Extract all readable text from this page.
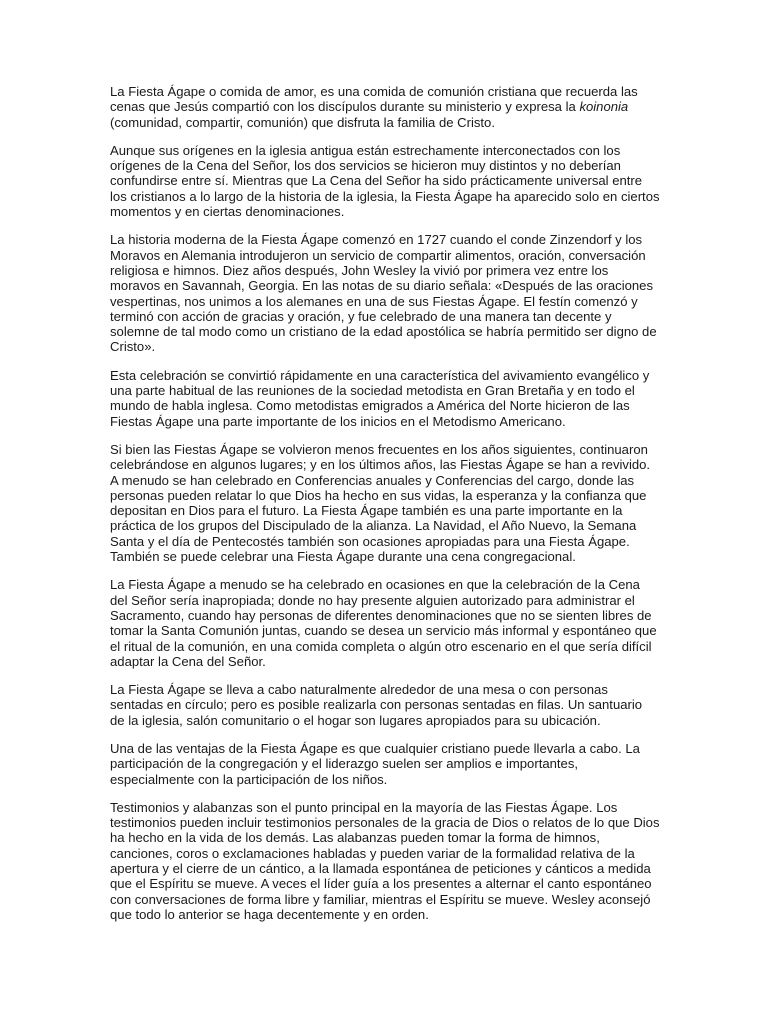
La Fiesta Ágape o comida de amor, es una comida de comunión cristiana que recuerda las cenas que Jesús compartió con los discípulos durante su ministerio y expresa la koinonia (comunidad, compartir, comunión) que disfruta la familia de Cristo.

Aunque sus orígenes en la iglesia antigua están estrechamente interconectados con los orígenes de la Cena del Señor, los dos servicios se hicieron muy distintos y no deberían confundirse entre sí. Mientras que La Cena del Señor ha sido prácticamente universal entre los cristianos a lo largo de la historia de la iglesia, la Fiesta Ágape ha aparecido solo en ciertos momentos y en ciertas denominaciones.

La historia moderna de la Fiesta Ágape comenzó en 1727 cuando el conde Zinzendorf y los Moravos en Alemania introdujeron un servicio de compartir alimentos, oración, conversación religiosa e himnos. Diez años después, John Wesley la vivió por primera vez entre los moravos en Savannah, Georgia. En las notas de su diario señala: «Después de las oraciones vespertinas, nos unimos a los alemanes en una de sus Fiestas Ágape. El festín comenzó y terminó con acción de gracias y oración, y fue celebrado de una manera tan decente y solemne de tal modo como un cristiano de la edad apostólica se habría permitido ser digno de Cristo».

Esta celebración se convirtió rápidamente en una característica del avivamiento evangélico y una parte habitual de las reuniones de la sociedad metodista en Gran Bretaña y en todo el mundo de habla inglesa. Como metodistas emigrados a América del Norte hicieron de las Fiestas Ágape una parte importante de los inicios en el Metodismo Americano.

Si bien las Fiestas Ágape se volvieron menos frecuentes en los años siguientes, continuaron celebrándose en algunos lugares; y en los últimos años, las Fiestas Ágape se han a revivido. A menudo se han celebrado en Conferencias anuales y Conferencias del cargo, donde las personas pueden relatar lo que Dios ha hecho en sus vidas, la esperanza y la confianza que depositan en Dios para el futuro. La Fiesta Ágape también es una parte importante en la práctica de los grupos del Discipulado de la alianza. La Navidad, el Año Nuevo, la Semana Santa y el día de Pentecostés también son ocasiones apropiadas para una Fiesta Ágape. También se puede celebrar una Fiesta Ágape durante una cena congregacional.

La Fiesta Ágape a menudo se ha celebrado en ocasiones en que la celebración de la Cena del Señor sería inapropiada; donde no hay presente alguien autorizado para administrar el Sacramento, cuando hay personas de diferentes denominaciones que no se sienten libres de tomar la Santa Comunión juntas, cuando se desea un servicio más informal y espontáneo que el ritual de la comunión, en una comida completa o algún otro escenario en el que sería difícil adaptar la Cena del Señor.

La Fiesta Ágape se lleva a cabo naturalmente alrededor de una mesa o con personas sentadas en círculo; pero es posible realizarla con personas sentadas en filas. Un santuario de la iglesia, salón comunitario o el hogar son lugares apropiados para su ubicación.

Una de las ventajas de la Fiesta Ágape es que cualquier cristiano puede llevarla a cabo. La participación de la congregación y el liderazgo suelen ser amplios e importantes, especialmente con la participación de los niños.

Testimonios y alabanzas son el punto principal en la mayoría de las Fiestas Ágape. Los testimonios pueden incluir testimonios personales de la gracia de Dios o relatos de lo que Dios ha hecho en la vida de los demás. Las alabanzas pueden tomar la forma de himnos, canciones, coros o exclamaciones habladas y pueden variar de la formalidad relativa de la apertura y el cierre de un cántico, a la llamada espontánea de peticiones y cánticos a medida que el Espíritu se mueve. A veces el líder guía a los presentes a alternar el canto espontáneo con conversaciones de forma libre y familiar, mientras el Espíritu se mueve. Wesley aconsejó que todo lo anterior se haga decentemente y en orden.
